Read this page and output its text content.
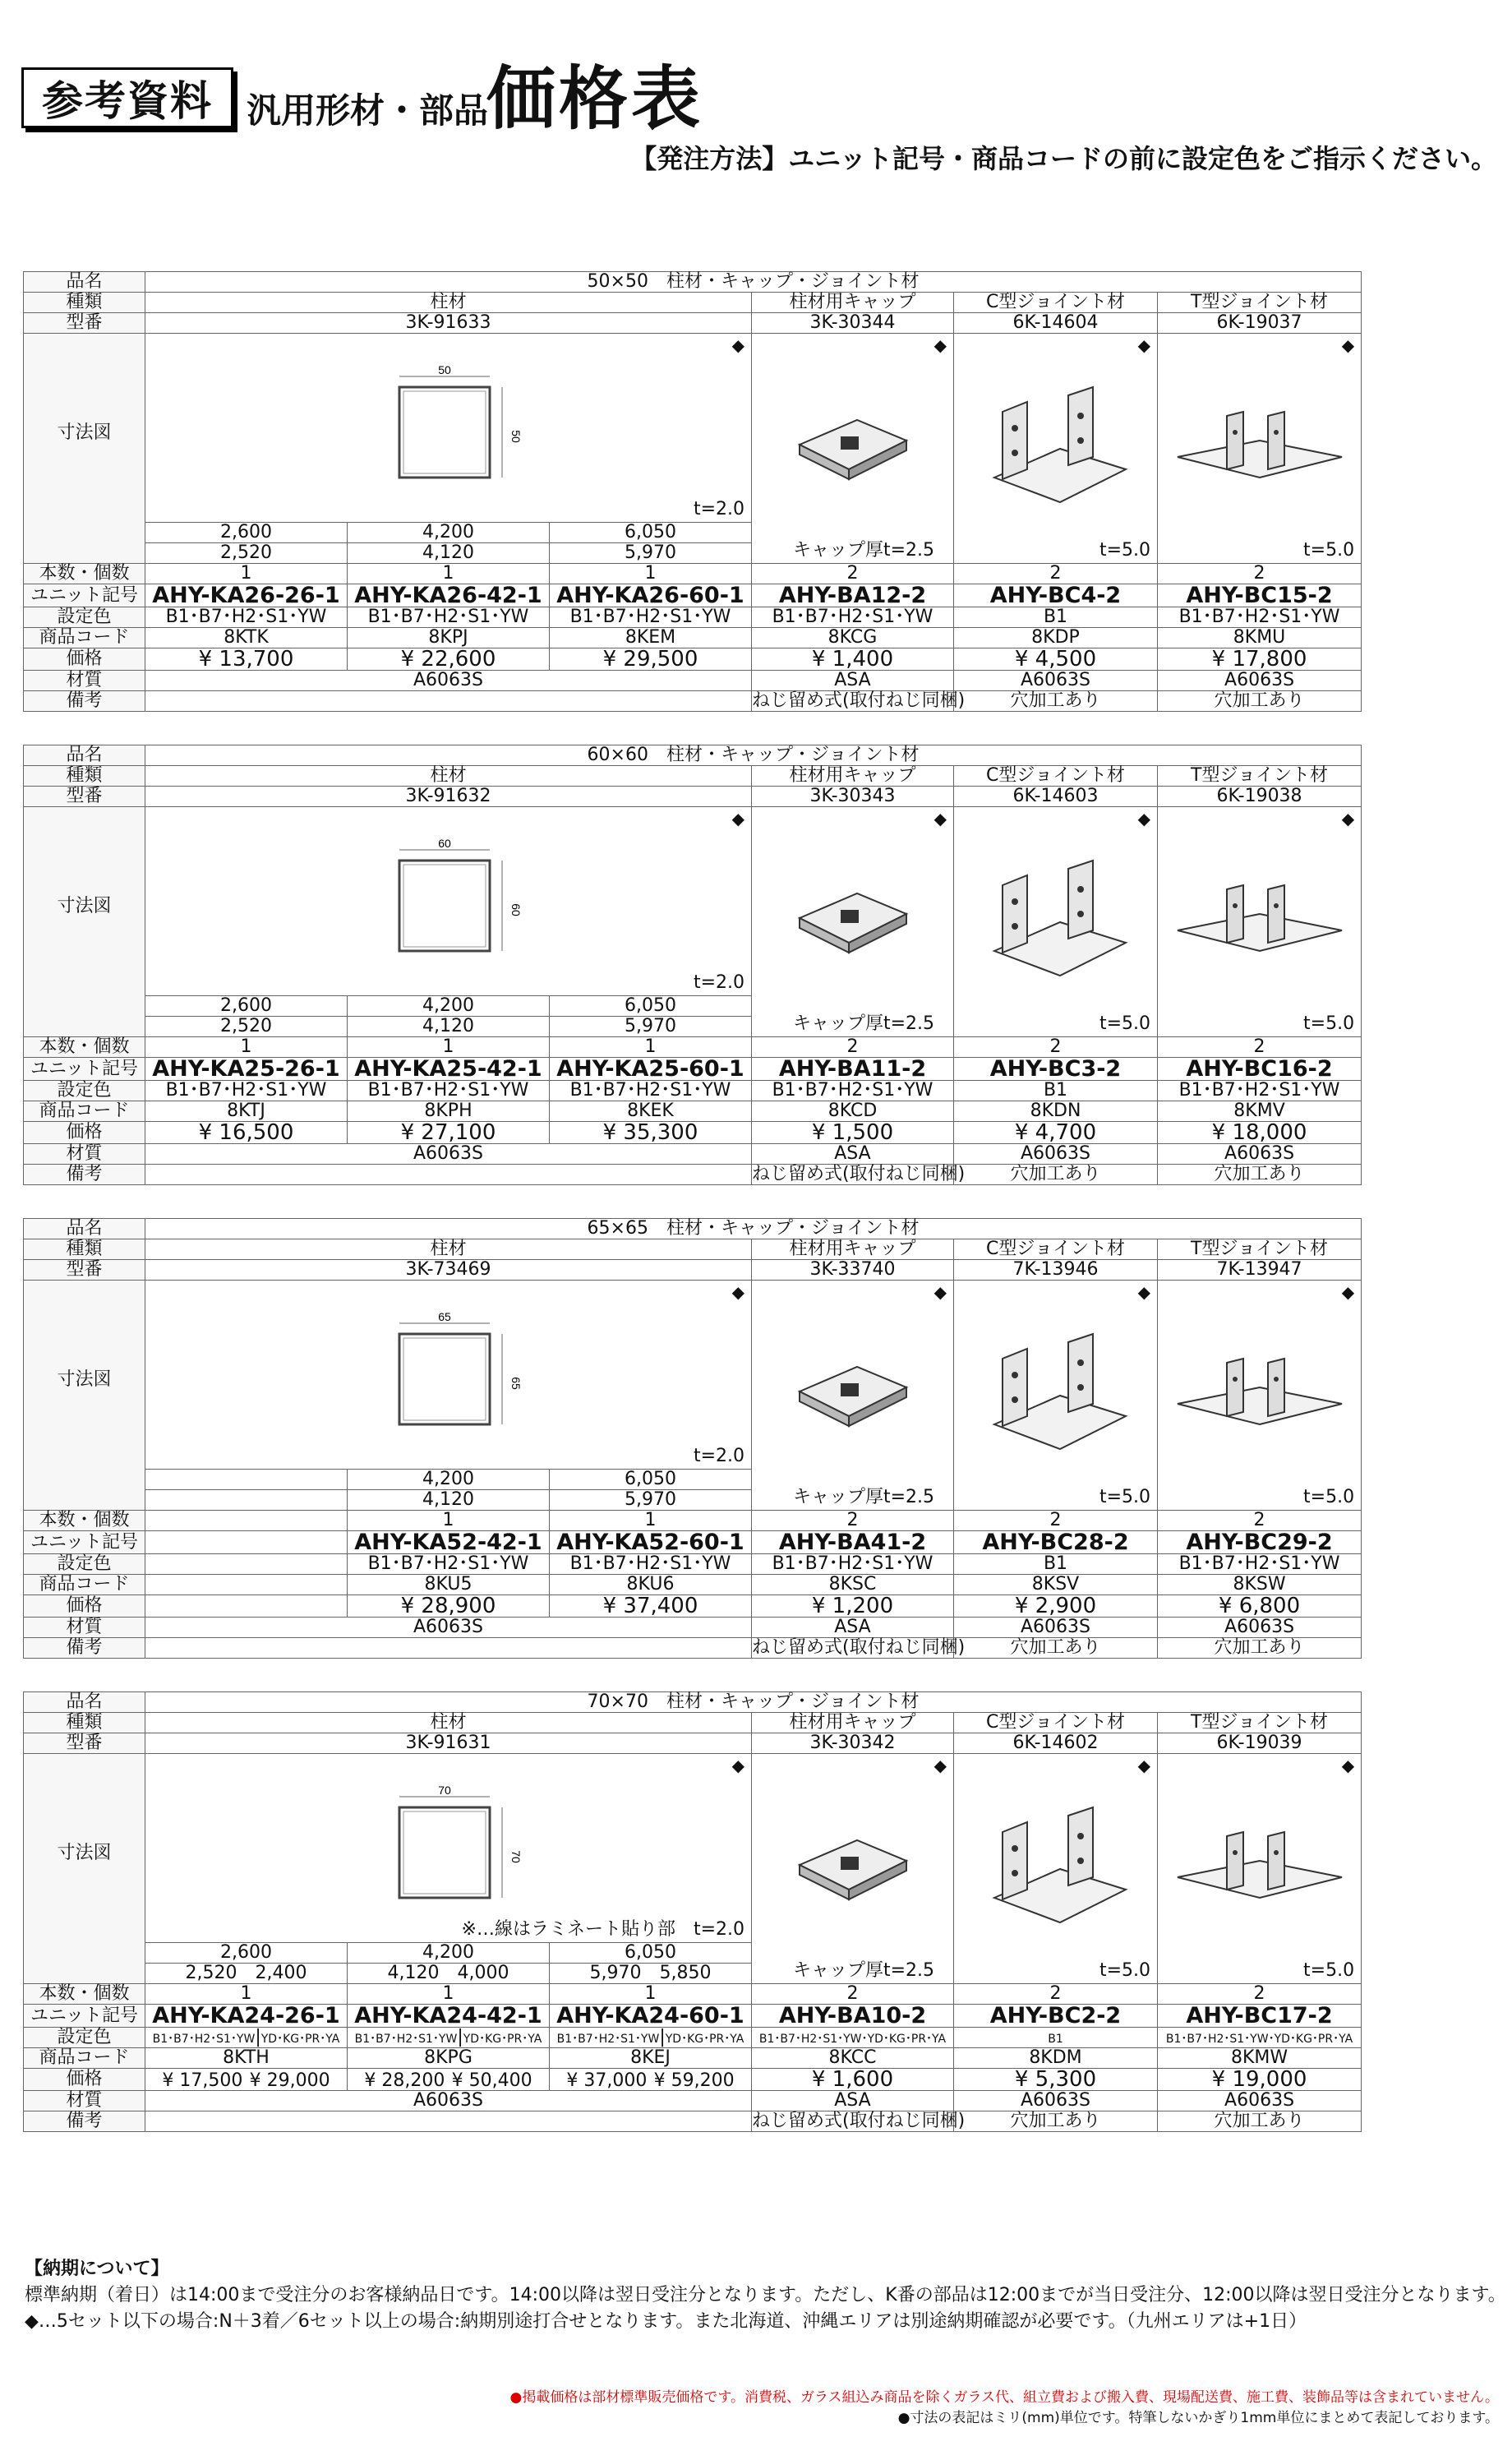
参考資料 汎用形材・部品
価格表
【発注方法】ユニット記号・商品コードの前に設定色をご指示ください。
品名	50×50　柱材・キャップ・ジョイント材					
種類	柱材			柱材用キャップ	C型ジョイント材	T型ジョイント材
型番	3K-91633			3K-30344	6K-14604	6K-19037
寸法図	◆
50
50
t=2.0			◆
キャップ厚t=2.5	◆
t=5.0	◆
t=5.0

	2,600	4,200	6,050			
	2,520	4,120	5,970			
本数・個数	1	1	1	2	2	2
ユニット記号	AHY-KA26-26-1	AHY-KA26-42-1	AHY-KA26-60-1	AHY-BA12-2	AHY-BC4-2	AHY-BC15-2
設定色	B1･B7･H2･S1･YW	B1･B7･H2･S1･YW	B1･B7･H2･S1･YW	B1･B7･H2･S1･YW	B1	B1･B7･H2･S1･YW
商品コード	8KTK	8KPJ	8KEM	8KCG	8KDP	8KMU
価格	¥ 13,700	¥ 22,600	¥ 29,500	¥ 1,400	¥ 4,500	¥ 17,800
材質	A6063S			ASA	A6063S	A6063S
備考				ねじ留め式(取付ねじ同梱)	穴加工あり	穴加工あり
品名	60×60　柱材・キャップ・ジョイント材					
種類	柱材			柱材用キャップ	C型ジョイント材	T型ジョイント材
型番	3K-91632			3K-30343	6K-14603	6K-19038
寸法図	◆
60
60
t=2.0			◆
キャップ厚t=2.5	◆
t=5.0	◆
t=5.0

	2,600	4,200	6,050			
	2,520	4,120	5,970			
本数・個数	1	1	1	2	2	2
ユニット記号	AHY-KA25-26-1	AHY-KA25-42-1	AHY-KA25-60-1	AHY-BA11-2	AHY-BC3-2	AHY-BC16-2
設定色	B1･B7･H2･S1･YW	B1･B7･H2･S1･YW	B1･B7･H2･S1･YW	B1･B7･H2･S1･YW	B1	B1･B7･H2･S1･YW
商品コード	8KTJ	8KPH	8KEK	8KCD	8KDN	8KMV
価格	¥ 16,500	¥ 27,100	¥ 35,300	¥ 1,500	¥ 4,700	¥ 18,000
材質	A6063S			ASA	A6063S	A6063S
備考				ねじ留め式(取付ねじ同梱)	穴加工あり	穴加工あり
品名	65×65　柱材・キャップ・ジョイント材					
種類	柱材			柱材用キャップ	C型ジョイント材	T型ジョイント材
型番	3K-73469			3K-33740	7K-13946	7K-13947
寸法図	◆
65
65
t=2.0			◆
キャップ厚t=2.5	◆
t=5.0	◆
t=5.0

		4,200	6,050			
		4,120	5,970			
本数・個数		1	1	2	2	2
ユニット記号		AHY-KA52-42-1	AHY-KA52-60-1	AHY-BA41-2	AHY-BC28-2	AHY-BC29-2
設定色		B1･B7･H2･S1･YW	B1･B7･H2･S1･YW	B1･B7･H2･S1･YW	B1	B1･B7･H2･S1･YW
商品コード		8KU5	8KU6	8KSC	8KSV	8KSW
価格		¥ 28,900	¥ 37,400	¥ 1,200	¥ 2,900	¥ 6,800
材質	A6063S			ASA	A6063S	A6063S
備考				ねじ留め式(取付ねじ同梱)	穴加工あり	穴加工あり
品名	70×70　柱材・キャップ・ジョイント材					
種類	柱材			柱材用キャップ	C型ジョイント材	T型ジョイント材
型番	3K-91631			3K-30342	6K-14602	6K-19039
寸法図	◆
70
70
※…線はラミネート貼り部　t=2.0			◆
キャップ厚t=2.5	◆
t=5.0	◆
t=5.0

	2,600	4,200	6,050			
	2,520　 2,400	4,120　 4,000	5,970　 5,850			
本数・個数	1	1	1	2	2	2
ユニット記号	AHY-KA24-26-1	AHY-KA24-42-1	AHY-KA24-60-1	AHY-BA10-2	AHY-BC2-2	AHY-BC17-2
設定色	B1･B7･H2･S1･YW|YD･KG･PR･YA	B1･B7･H2･S1･YW|YD･KG･PR･YA	B1･B7･H2･S1･YW|YD･KG･PR･YA	B1･B7･H2･S1･YW･YD･KG･PR･YA	B1	B1･B7･H2･S1･YW･YD･KG･PR･YA
商品コード	8KTH	8KPG	8KEJ	8KCC	8KDM	8KMW
価格	¥ 17,500 ¥ 29,000	¥ 28,200 ¥ 50,400	¥ 37,000 ¥ 59,200	¥ 1,600	¥ 5,300	¥ 19,000
材質	A6063S			ASA	A6063S	A6063S
備考				ねじ留め式(取付ねじ同梱)	穴加工あり	穴加工あり
【納期について】
標準納期（着日）は14:00まで受注分のお客様納品日です。14:00以降は翌日受注分となります。ただし、K番の部品は12:00までが当日受注分、12:00以降は翌日受注分となります。
◆…5セット以下の場合:N＋3着／6セット以上の場合:納期別途打合せとなります。また北海道、沖縄エリアは別途納期確認が必要です。（九州エリアは+1日）
●掲載価格は部材標準販売価格です。消費税、ガラス組込み商品を除くガラス代、組立費および搬入費、現場配送費、施工費、装飾品等は含まれていません。
●寸法の表記はミリ(mm)単位です。特筆しないかぎり1mm単位にまとめて表記しております。
